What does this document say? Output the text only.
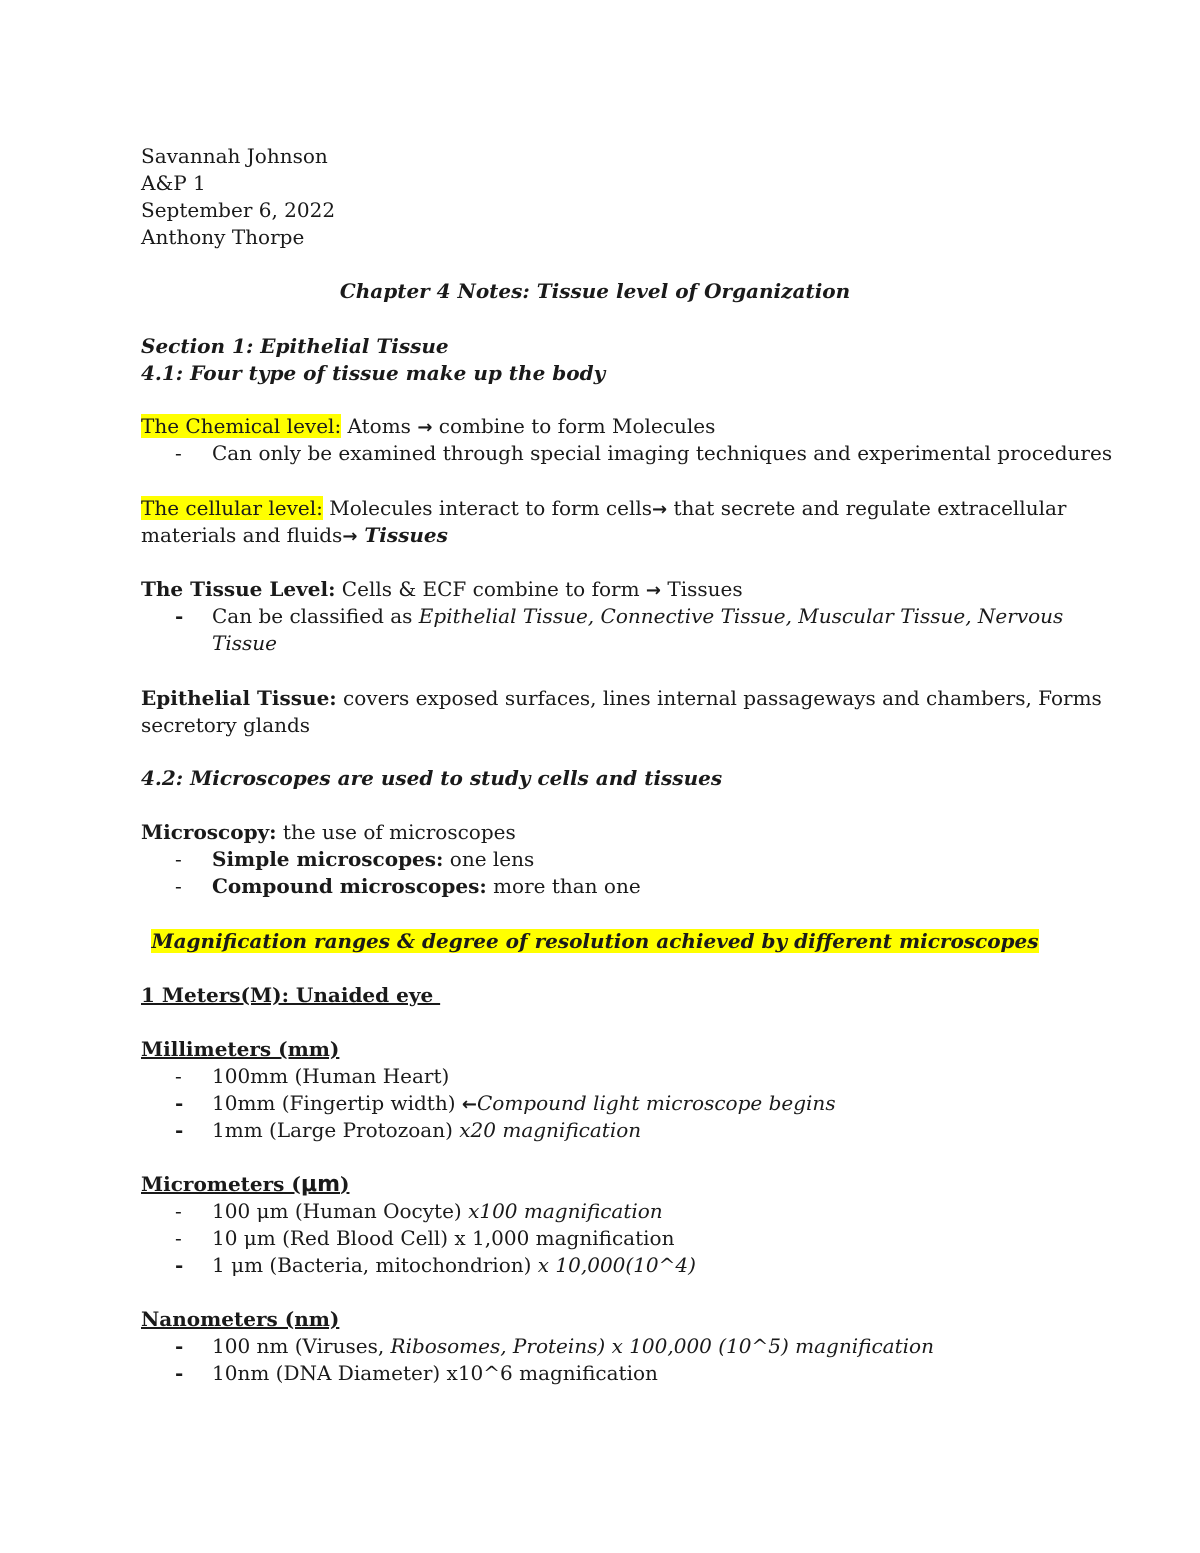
Savannah Johnson
A&P 1
September 6, 2022
Anthony Thorpe
Chapter 4 Notes: Tissue level of Organization
Section 1: Epithelial Tissue
4.1: Four type of tissue make up the body
The Chemical level: Atoms → combine to form Molecules
- Can only be examined through special imaging techniques and experimental procedures
The cellular level: Molecules interact to form cells→ that secrete and regulate extracellular
materials and fluids→ Tissues
The Tissue Level: Cells & ECF combine to form → Tissues
- Can be classified as Epithelial Tissue, Connective Tissue, Muscular Tissue, Nervous
Tissue
Epithelial Tissue: covers exposed surfaces, lines internal passageways and chambers, Forms
secretory glands
4.2: Microscopes are used to study cells and tissues
Microscopy: the use of microscopes
- Simple microscopes: one lens
- Compound microscopes: more than one
Magnification ranges & degree of resolution achieved by different microscopes
1 Meters(M): Unaided eye
Millimeters (mm)
- 100mm (Human Heart)
- 10mm (Fingertip width) ←Compound light microscope begins
- 1mm (Large Protozoan) x20 magnification
Micrometers (μm)
- 100 μm (Human Oocyte) x100 magnification
- 10 μm (Red Blood Cell) x 1,000 magnification
- 1 μm (Bacteria, mitochondrion) x 10,000(10^4)
Nanometers (nm)
- 100 nm (Viruses, Ribosomes, Proteins) x 100,000 (10^5) magnification
- 10nm (DNA Diameter) x10^6 magnification
